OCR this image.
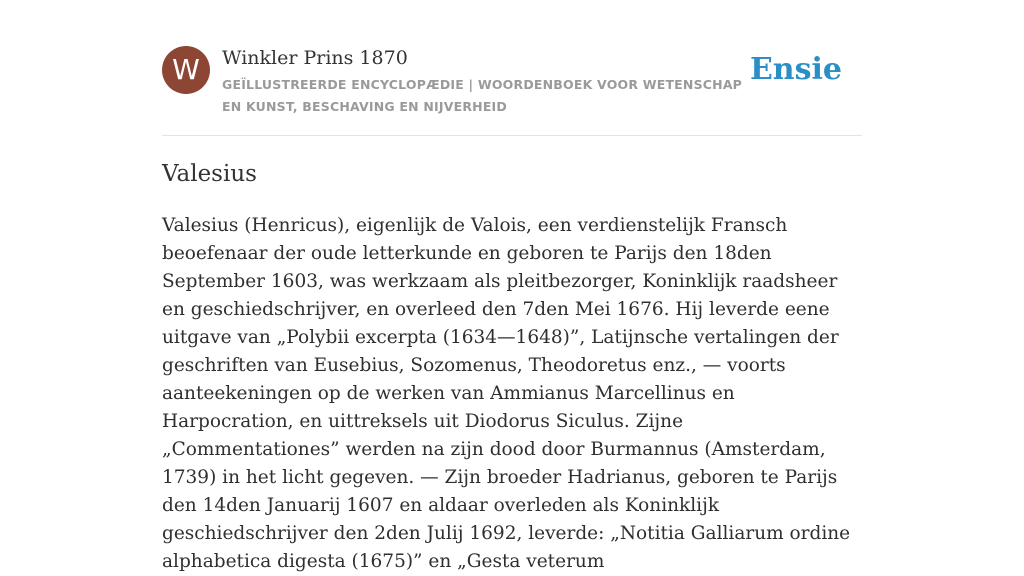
W	Winkler Prins 1870
GEÏLLUSTREERDE ENCYCLOPÆDIE | WOORDENBOEK VOOR WETENSCHAP EN KUNST, BESCHAVING EN NIJVERHEID
Ensie
Valesius

Valesius (Henricus), eigenlijk de Valois, een verdienstelijk Fransch beoefenaar der oude letterkunde en geboren te Parijs den 18den September 1603, was werkzaam als pleitbezorger, Koninklijk raadsheer en geschiedschrijver, en overleed den 7den Mei 1676. Hij leverde eene uitgave van „Polybii excerpta (1634—1648)”, Latijnsche vertalingen der geschriften van Eusebius, Sozomenus, Theodoretus enz., — voorts aanteekeningen op de werken van Ammianus Marcellinus en Harpocration, en uittreksels uit Diodorus Siculus. Zijne „Commentationes” werden na zijn dood door Burmannus (Amsterdam, 1739) in het licht gegeven. — Zijn broeder Hadrianus, geboren te Parijs den 14den Januarij 1607 en aldaar overleden als Koninklijk geschiedschrijver den 2den Julij 1692, leverde: „Notitia Galliarum ordine alphabetica digesta (1675)” en „Gesta veterum
